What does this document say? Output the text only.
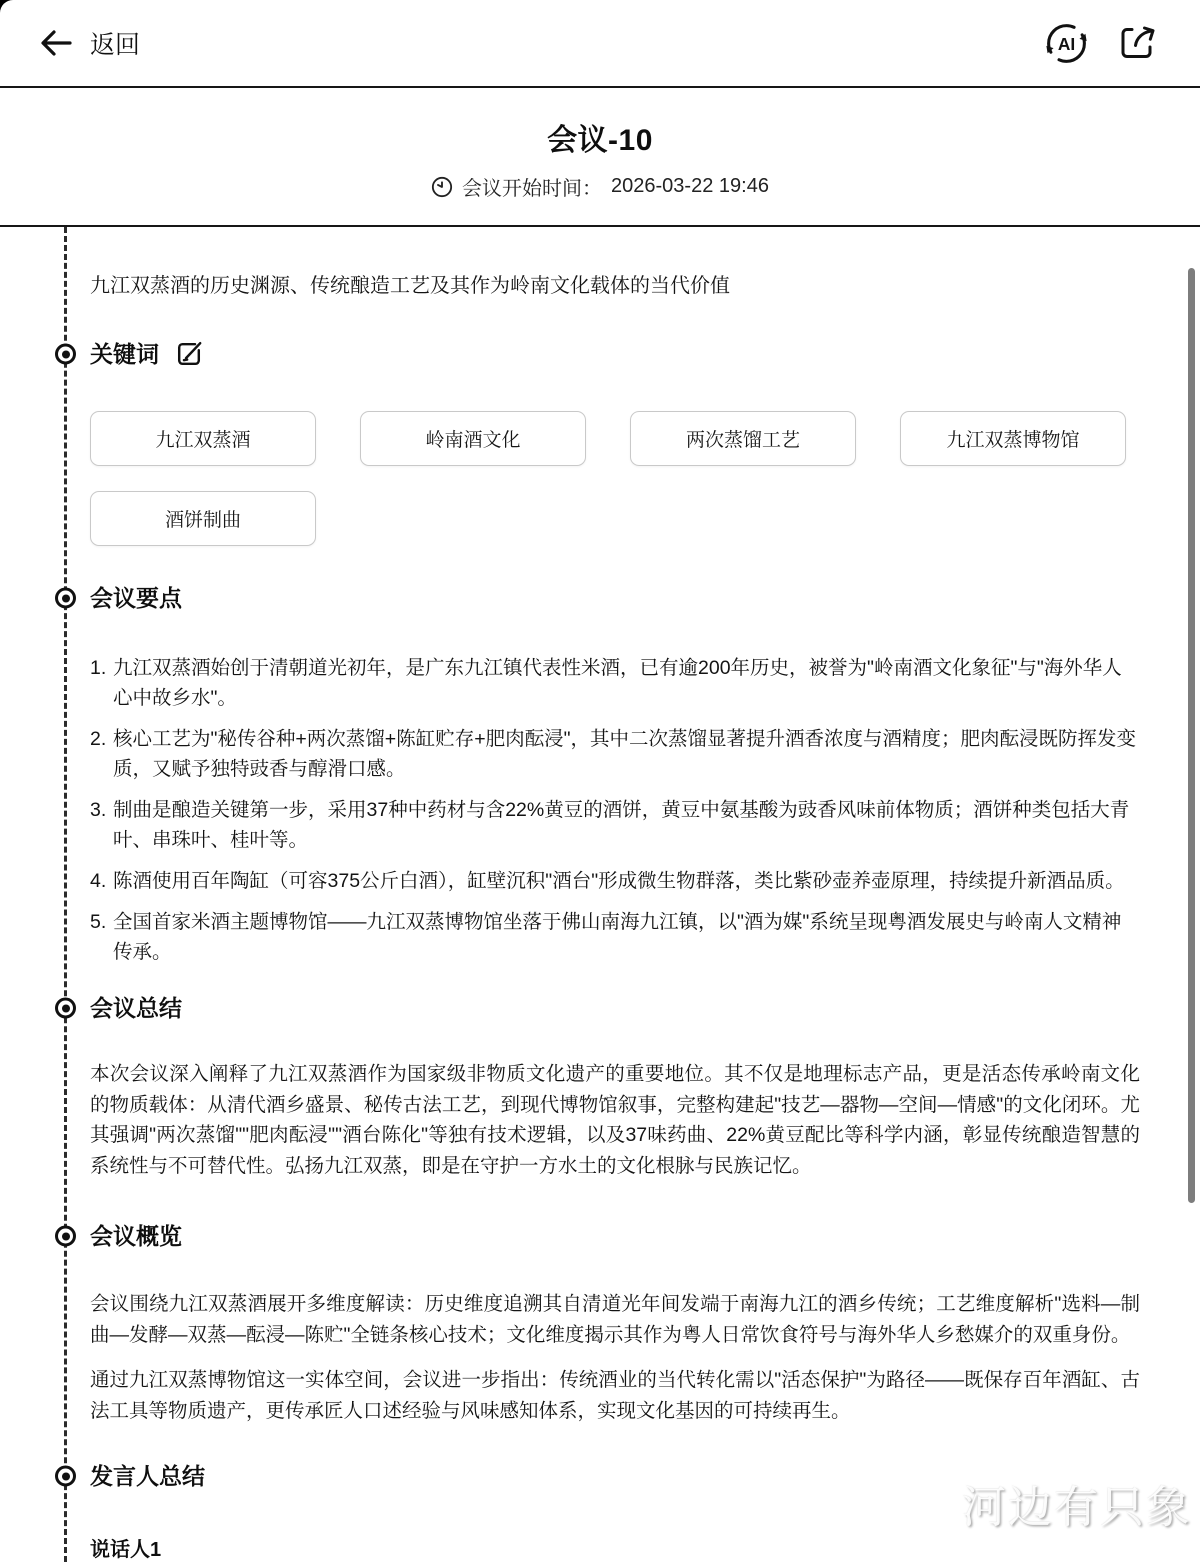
返回	AI
会议-10
会议开始时间： 2026-03-22 19:46

九江双蒸酒的历史渊源、传统酿造工艺及其作为岭南文化载体的当代价值

关键词
九江双蒸酒	岭南酒文化	两次蒸馏工艺	九江双蒸博物馆
酒饼制曲
会议要点
1. 九江双蒸酒始创于清朝道光初年，是广东九江镇代表性米酒，已有逾200年历史，被誉为"岭南酒文化象征"与"海外华人心中故乡水"。
2. 核心工艺为"秘传谷种+两次蒸馏+陈缸贮存+肥肉酝浸"，其中二次蒸馏显著提升酒香浓度与酒精度；肥肉酝浸既防挥发变质，又赋予独特豉香与醇滑口感。
3. 制曲是酿造关键第一步，采用37种中药材与含22%黄豆的酒饼，黄豆中氨基酸为豉香风味前体物质；酒饼种类包括大青叶、串珠叶、桂叶等。
4. 陈酒使用百年陶缸（可容375公斤白酒），缸壁沉积"酒台"形成微生物群落，类比紫砂壶养壶原理，持续提升新酒品质。
5. 全国首家米酒主题博物馆——九江双蒸博物馆坐落于佛山南海九江镇，以"酒为媒"系统呈现粤酒发展史与岭南人文精神传承。
会议总结

本次会议深入阐释了九江双蒸酒作为国家级非物质文化遗产的重要地位。其不仅是地理标志产品，更是活态传承岭南文化的物质载体：从清代酒乡盛景、秘传古法工艺，到现代博物馆叙事，完整构建起"技艺—器物—空间—情感"的文化闭环。尤其强调"两次蒸馏""肥肉酝浸""酒台陈化"等独有技术逻辑，以及37味药曲、22%黄豆配比等科学内涵，彰显传统酿造智慧的系统性与不可替代性。弘扬九江双蒸，即是在守护一方水土的文化根脉与民族记忆。

会议概览

会议围绕九江双蒸酒展开多维度解读：历史维度追溯其自清道光年间发端于南海九江的酒乡传统；工艺维度解析"选料—制曲—发酵—双蒸—酝浸—陈贮"全链条核心技术；文化维度揭示其作为粤人日常饮食符号与海外华人乡愁媒介的双重身份。

通过九江双蒸博物馆这一实体空间，会议进一步指出：传统酒业的当代转化需以"活态保护"为路径——既保存百年酒缸、古法工具等物质遗产，更传承匠人口述经验与风味感知体系，实现文化基因的可持续再生。

发言人总结
说话人1
河边有只象
